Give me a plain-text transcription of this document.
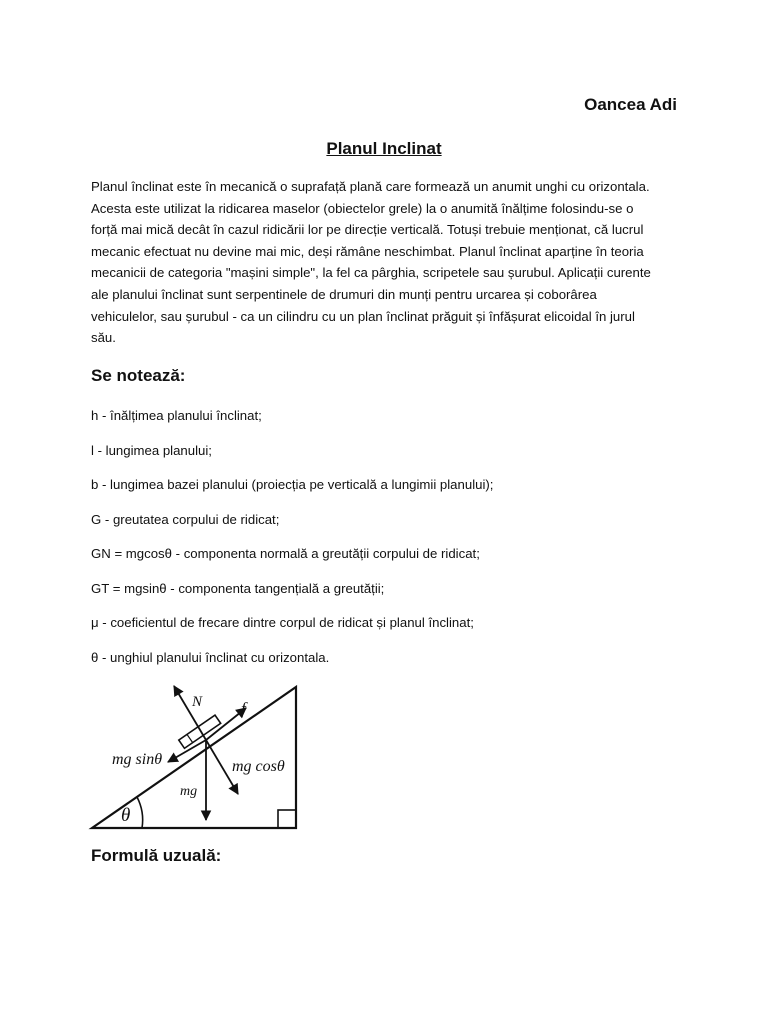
Oancea Adi

Planul Inclinat

Planul înclinat este în mecanică o suprafață plană care formează un anumit unghi cu orizontala.
Acesta este utilizat la ridicarea maselor (obiectelor grele) la o anumită înălțime folosindu-se o
forță mai mică decât în cazul ridicării lor pe direcție verticală. Totuși trebuie menționat, că lucrul
mecanic efectuat nu devine mai mic, deși rămâne neschimbat. Planul înclinat aparține în teoria
mecanicii de categoria "mașini simple", la fel ca pârghia, scripetele sau șurubul. Aplicații curente
ale planului înclinat sunt serpentinele de drumuri din munți pentru urcarea și coborârea
vehiculelor, sau șurubul - ca un cilindru cu un plan înclinat prăguit și înfășurat elicoidal în jurul
său.

Se notează:

h - înălțimea planului înclinat;

l - lungimea planului;

b - lungimea bazei planului (proiecția pe verticală a lungimii planului);

G - greutatea corpului de ridicat;

GN = mgcosθ - componenta normală a greutății corpului de ridicat;

GT = mgsinθ - componenta tangențială a greutății;

μ - coeficientul de frecare dintre corpul de ridicat și planul înclinat;

θ - unghiul planului înclinat cu orizontala.

N f
mg sinθ	mg cosθ
mg
θ

Formulă uzuală:
